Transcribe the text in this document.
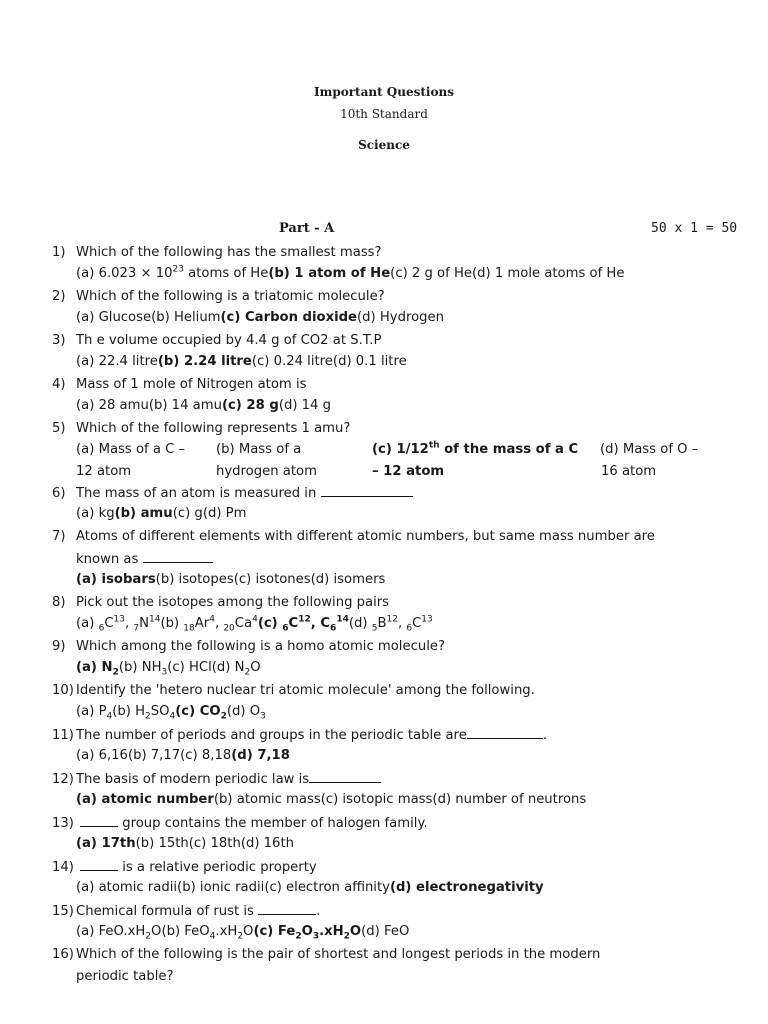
Important Questions
10th Standard
Science
Part - A	50 x 1 = 50
1) Which of the following has the smallest mass?
(a) $6.023 \times 10^{23}$ atoms of He(b) 1 atom of He(c) 2 g of He(d) 1 mole atoms of He
2) Which of the following is a triatomic molecule?
(a) Glucose(b) Helium(c) Carbon dioxide(d) Hydrogen
3) Th e volume occupied by 4.4 g of CO2 at S.T.P
(a) 22.4 litre(b) 2.24 litre(c) 0.24 litre(d) 0.1 litre
4) Mass of 1 mole of Nitrogen atom is
(a) 28 amu(b) 14 amu(c) 28 g(d) 14 g
5) Which of the following represents 1 amu?
(a) Mass of a C –
12 atom
(b) Mass of a
hydrogen atom
(c) 1/12th of the mass of a C
– 12 atom
(d) Mass of O –
16 atom
6) The mass of an atom is measured in
(a) kg(b) amu(c) g(d) Pm
7) Atoms of different elements with different atomic numbers, but same mass number are
known as
(a) isobars(b) isotopes(c) isotones(d) isomers
8) Pick out the isotopes among the following pairs
(a) $_6C^{13}$, $_7N^{14}(b)$ $_{18}Ar^4$, $_{20}Ca^4(c)$ $_6C^{12}$, $C_6^{14}(d)$ $_5B^{12}$, $_6C^{13}$
9) Which among the following is a homo atomic molecule?
(a) $N_2(b)$ $NH_3(c)$ HCl(d) $N_2O$
10) Identify the 'hetero nuclear tri atomic molecule' among the following.
(a) $P_4(b)$ $H_2SO_4(c)$ $CO_2(d)$ $O_3$
11) The number of periods and groups in the periodic table are	.
(a) 6,16(b) 7,17(c) 8,18(d) 7,18
12) The basis of modern periodic law is
(a) atomic number(b) atomic mass(c) isotopic mass(d) number of neutrons
13)	group contains the member of halogen family.
(a) 17th(b) 15th(c) 18th(d) 16th
14)	is a relative periodic property
(a) atomic radii(b) ionic radii(c) electron affinity(d) electronegativity
15) Chemical formula of rust is	.
(a) $FeO.xH_2O(b)$ $FeO_4.xH_2O(c)$ $Fe_2O_3.xH_2O(d)$ FeO
16) Which of the following is the pair of shortest and longest periods in the modern
periodic table?
